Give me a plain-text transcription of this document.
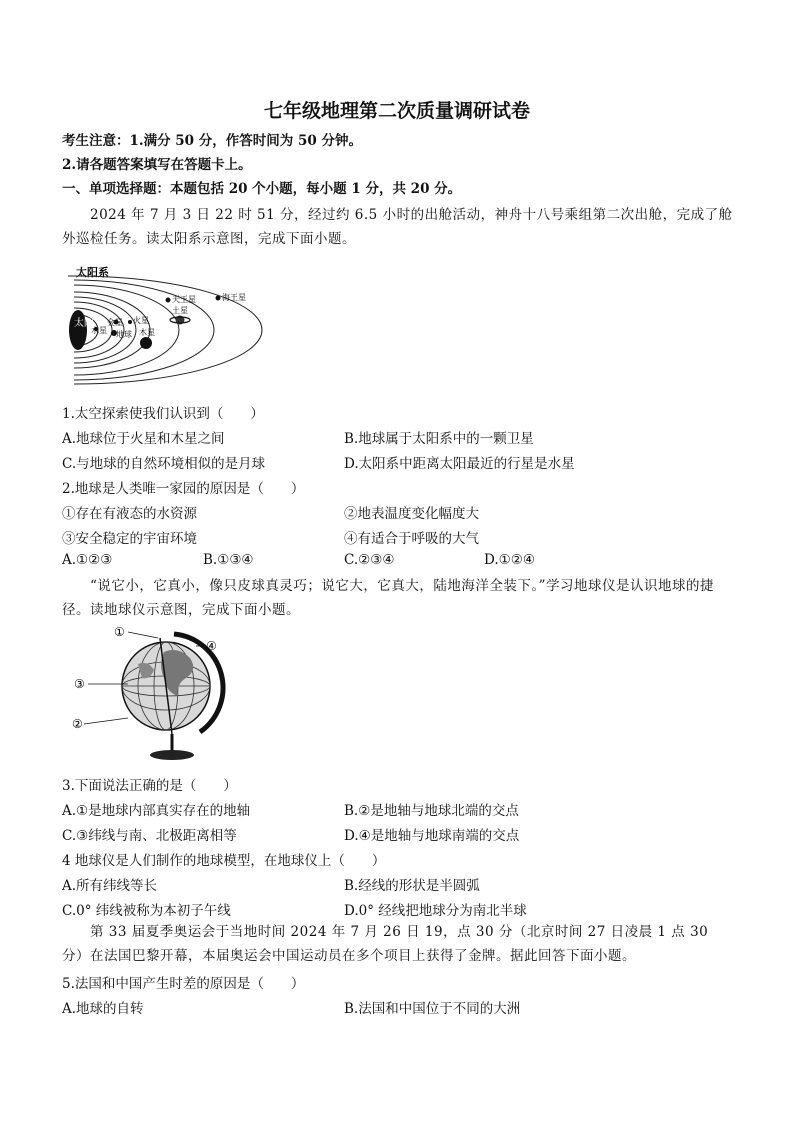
七年级地理第二次质量调研试卷
考生注意：1.满分 50 分，作答时间为 50 分钟。
2.请各题答案填写在答题卡上。
一、单项选择题：本题包括 20 个小题，每小题 1 分，共 20 分。
2024 年 7 月 3 日 22 时 51 分，经过约 6.5 小时的出舱活动，神舟十八号乘组第二次出舱，完成了舱外巡检任务。读太阳系示意图，完成下面小题。
太阳系
太阳
水星
金星
地球
火星
木星
土星
天王星	海王星
1.太空探索使我们认识到（　　）
A.地球位于火星和木星之间	B.地球属于太阳系中的一颗卫星
C.与地球的自然环境相似的是月球	D.太阳系中距离太阳最近的行星是水星
2.地球是人类唯一家园的原因是（　　）
①存在有液态的水资源	②地表温度变化幅度大
③安全稳定的宇宙环境	④有适合于呼吸的大气
A.①②③	B.①③④	C.②③④	D.①②④
“说它小，它真小，像只皮球真灵巧；说它大，它真大，陆地海洋全装下。”学习地球仪是认识地球的捷径。读地球仪示意图，完成下面小题。
①
④
③
②
3.下面说法正确的是（　　）
A.①是地球内部真实存在的地轴	B.②是地轴与地球北端的交点
C.③纬线与南、北极距离相等	D.④是地轴与地球南端的交点
4 地球仪是人们制作的地球模型，在地球仪上（　　）
A.所有纬线等长	B.经线的形状是半圆弧
C.0° 纬线被称为本初子午线	D.0° 经线把地球分为南北半球
第 33 届夏季奥运会于当地时间 2024 年 7 月 26 日 19，点 30 分（北京时间 27 日凌晨 1 点 30 分）在法国巴黎开幕，本届奥运会中国运动员在多个项目上获得了金牌。据此回答下面小题。
5.法国和中国产生时差的原因是（　　）
A.地球的自转	B.法国和中国位于不同的大洲
